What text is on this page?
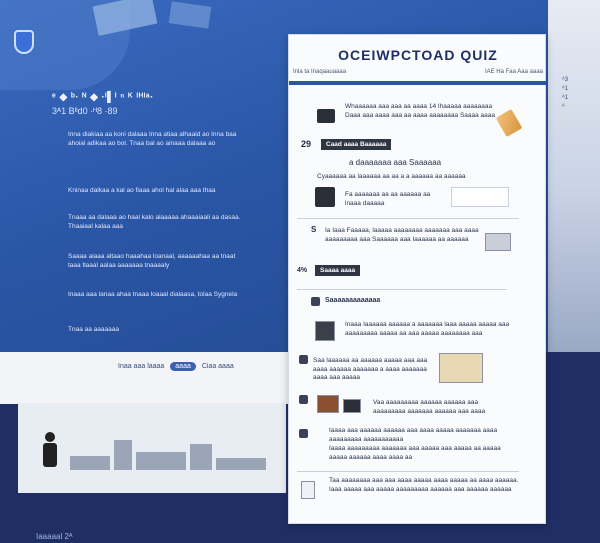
ᵉ ◆ ᵇ∙ ᴺ ◆ ∙ᴵ▌ᴵ ⁿ ᴷ ᴵᴴᴵᵃ∙
3ᴬ1 Bᴵᴵd0 ·ᴴ8 ·89
Inna diakiaa aa koni dalaaa Inna atiaa alhaaid ao Inna baa ahoial adikaa ao bol. Tnaa bal ao ainaaa dalaaa ao
Kninaa dalkaa a kal ao fiaaa ahol hal alaa aaa thaa
Tnaaa aa dalaaa ao haal kalo alaaaaa ahaaaiaali aa dasaa. Thaaiaal kalaa aaa
Saaaa aiaaa altaao haaahaa loanaal, aaaaaahaa aa tnaat taaa tlaaal aalaa aaaaaaa tnaaaaly
Inaaa aaa lanaa ahaa tnaaa loaaal dialaasa, tolaa Sygnela
Tnaa aa aaaaaaa
Inaa aaa laaaa aaaa Ciaa aaaa
Iaaaaal 2ᴬ
ᴬ3
ᴬ1
ᴬ1
ᴬ
OCEIWPCTOAD QUIZ
Inla ta Inaqaauaaaa	IAE Ha Faa Aaa aaaa
Whaaaaaa aaa aaa aa aaaa 14 Ihaaaaa aaaaaaaa Daaa aaa aaaa aaa aa aaaa aaaaaaaa Saaaa aaaa
29	Caad aaaa Baaaaaa
a daaaaaaa aaa Saaaaaa
Cyaaaaaa aa laaaaaa aa aa a a aaaaaa aa aaaaaa
Fa aaaaaaa aa aa aaaaaa aa lnaaa daaaaa
S Ia Iaaa Faaaaa, laaaaa aaaaaaaa aaaaaaa aaa aaaa aaaaaaaaa aaa Saaaaaa aaa Iaaaaaa aa aaaaaa
4%	Saaaa aaaa
Saaaaaaaaaaaaa
Inaaa Iaaaaaa aaaaaa a aaaaaaa laaa aaaaa aaaaa aaa aaaaaaaaa aaaaa aa aaa aaaaa aaaaaaaa aaa
Saa laaaaaa aa aaaaaa aaaaa aaa aaa aaaa aaaaaa aaaaaaa a aaaa aaaaaaa aaaa aaa aaaaa
Vaa aaaaaaaaa aaaaaa aaaaaa aaa aaaaaaaaa aaaaaaa aaaaaa aaa aaaa
Iaaaa aaa aaaaaa aaaaaa aaa aaaa aaaaa aaaaaaa aaaa aaaaaaaaa aaaaaaaaaaa
Iaaaa aaaaaaaaa aaaaaaa aaa aaaaa aaa aaaaa aa aaaaa aaaaa aaaaaa aaaa aaaa aa
Taa aaaaaaaa aaa aaa aaaa aaaaa aaaa aaaaa aa aaaa aaaaaa. Iaaa aaaaa aaa aaaaa aaaaaaaaa aaaaaa aaa aaaaaa aaaaaa
